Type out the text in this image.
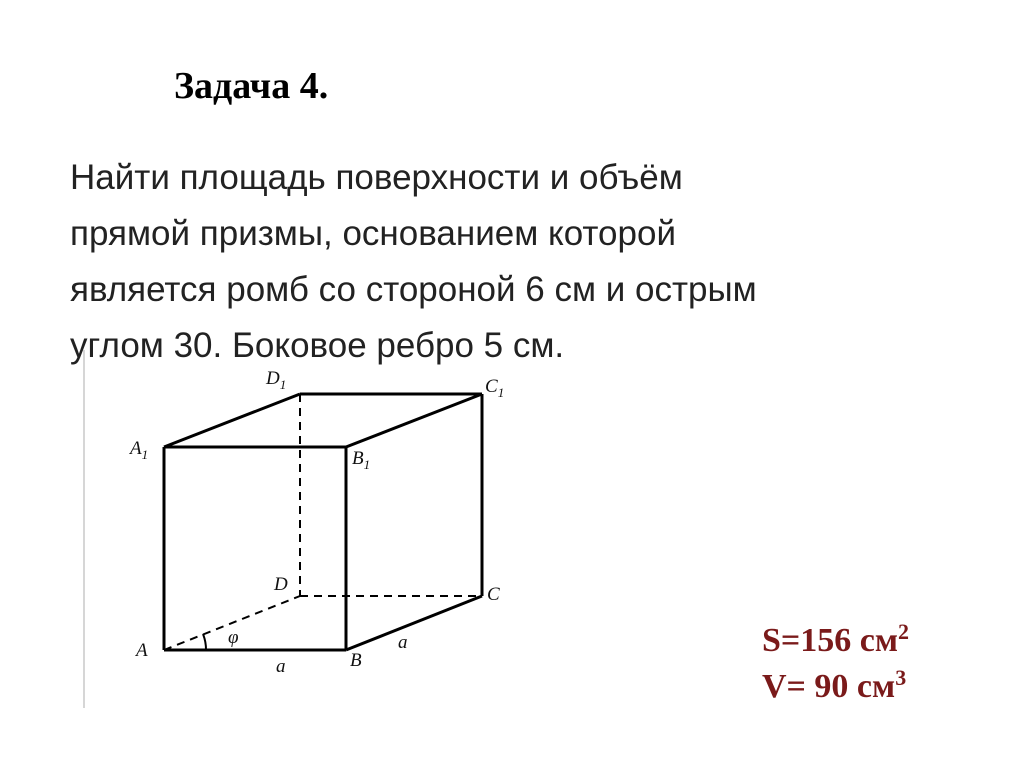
Задача 4.
Найти площадь поверхности и объём
прямой призмы, основанием которой
является ромб со стороной 6 см и острым
углом 30. Боковое ребро 5 см.
$A_1$	$B_1$
$C_1$
$D_1$
A	B
C
D
a
a
φ	S=156 $см^2$
V= 90 $см^3$
